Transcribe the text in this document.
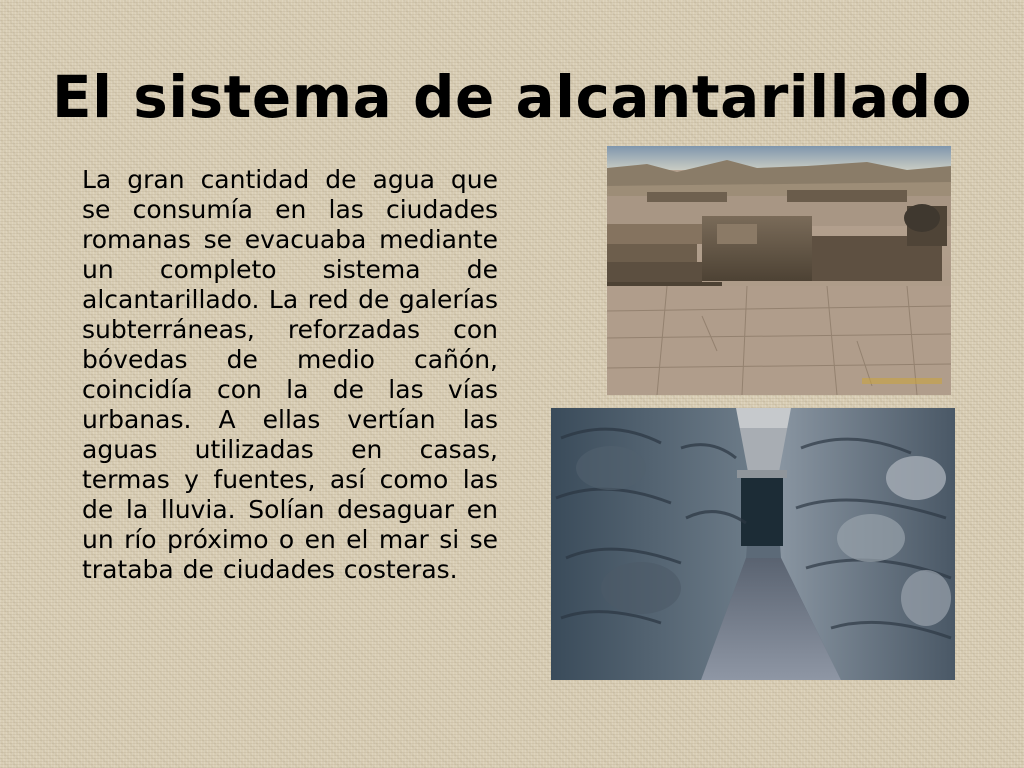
El sistema de alcantarillado
La gran cantidad de agua que se consumía en las ciudades romanas se evacuaba mediante un completo sistema de alcantarillado. La red de galerías subterráneas, reforzadas con bóvedas de medio cañón, coincidía con la de las vías urbanas. A ellas vertían las aguas utilizadas en casas, termas y fuentes, así como las de la lluvia. Solían desaguar en un río próximo o en el mar si se trataba de ciudades costeras.
